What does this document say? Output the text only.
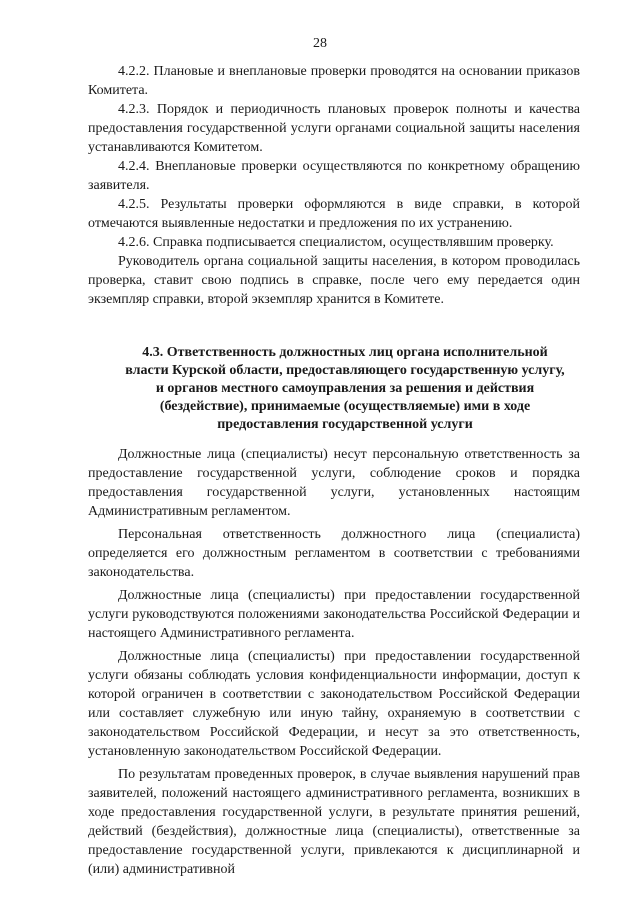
28

4.2.2. Плановые и внеплановые проверки проводятся на основании приказов Комитета.

4.2.3. Порядок и периодичность плановых проверок полноты и качества предоставления государственной услуги органами социальной защиты населения устанавливаются Комитетом.

4.2.4. Внеплановые проверки осуществляются по конкретному обращению заявителя.

4.2.5. Результаты проверки оформляются в виде справки, в которой отмечаются выявленные недостатки и предложения по их устранению.

4.2.6. Справка подписывается специалистом, осуществлявшим проверку.

Руководитель органа социальной защиты населения, в котором проводилась проверка, ставит свою подпись в справке, после чего ему передается один экземпляр справки, второй экземпляр хранится в Комитете.

4.3. Ответственность должностных лиц органа исполнительной
власти Курской области, предоставляющего государственную услугу,
и органов местного самоуправления за решения и действия
(бездействие), принимаемые (осуществляемые) ими в ходе
предоставления государственной услуги

Должностные лица (специалисты) несут персональную ответственность за предоставление государственной услуги, соблюдение сроков и порядка предоставления государственной услуги, установленных настоящим Административным регламентом.

Персональная ответственность должностного лица (специалиста) определяется его должностным регламентом в соответствии с требованиями законодательства.

Должностные лица (специалисты) при предоставлении государственной услуги руководствуются положениями законодательства Российской Федерации и настоящего Административного регламента.

Должностные лица (специалисты) при предоставлении государственной услуги обязаны соблюдать условия конфиденциальности информации, доступ к которой ограничен в соответствии с законодательством Российской Федерации или составляет служебную или иную тайну, охраняемую в соответствии с законодательством Российской Федерации, и несут за это ответственность, установленную законодательством Российской Федерации.

По результатам проведенных проверок, в случае выявления нарушений прав заявителей, положений настоящего административного регламента, возникших в ходе предоставления государственной услуги, в результате принятия решений, действий (бездействия), должностные лица (специалисты), ответственные за предоставление государственной услуги, привлекаются к дисциплинарной и (или) административной
